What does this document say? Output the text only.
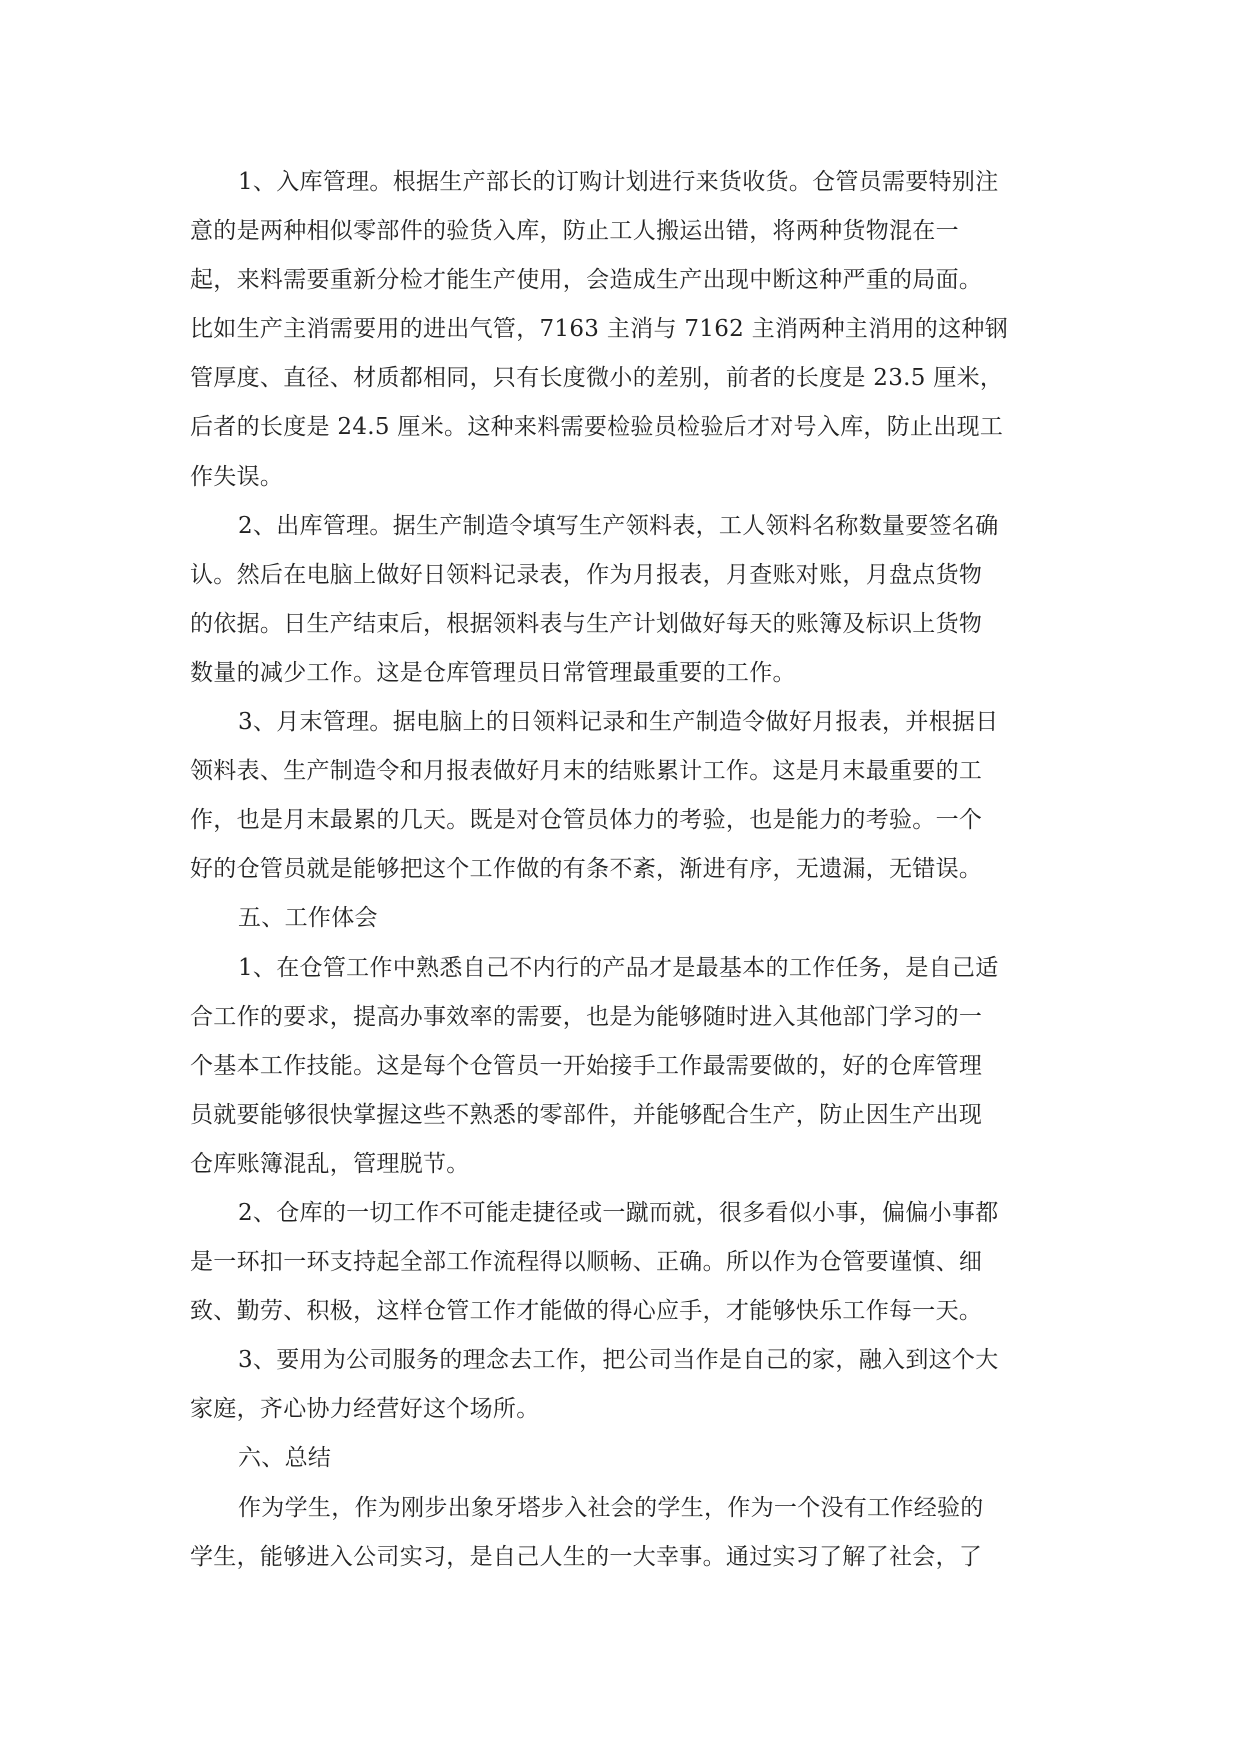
1、入库管理。根据生产部长的订购计划进行来货收货。仓管员需要特别注
意的是两种相似零部件的验货入库，防止工人搬运出错，将两种货物混在一
起，来料需要重新分检才能生产使用，会造成生产出现中断这种严重的局面。
比如生产主消需要用的进出气管，7163 主消与 7162 主消两种主消用的这种钢
管厚度、直径、材质都相同，只有长度微小的差别，前者的长度是 23.5 厘米，
后者的长度是 24.5 厘米。这种来料需要检验员检验后才对号入库，防止出现工
作失误。

2、出库管理。据生产制造令填写生产领料表，工人领料名称数量要签名确
认。然后在电脑上做好日领料记录表，作为月报表，月查账对账，月盘点货物
的依据。日生产结束后，根据领料表与生产计划做好每天的账簿及标识上货物
数量的减少工作。这是仓库管理员日常管理最重要的工作。

3、月末管理。据电脑上的日领料记录和生产制造令做好月报表，并根据日
领料表、生产制造令和月报表做好月末的结账累计工作。这是月末最重要的工
作，也是月末最累的几天。既是对仓管员体力的考验，也是能力的考验。一个
好的仓管员就是能够把这个工作做的有条不紊，渐进有序，无遗漏，无错误。

五、工作体会

1、在仓管工作中熟悉自己不内行的产品才是最基本的工作任务，是自己适
合工作的要求，提高办事效率的需要，也是为能够随时进入其他部门学习的一
个基本工作技能。这是每个仓管员一开始接手工作最需要做的，好的仓库管理
员就要能够很快掌握这些不熟悉的零部件，并能够配合生产，防止因生产出现
仓库账簿混乱，管理脱节。

2、仓库的一切工作不可能走捷径或一蹴而就，很多看似小事，偏偏小事都
是一环扣一环支持起全部工作流程得以顺畅、正确。所以作为仓管要谨慎、细
致、勤劳、积极，这样仓管工作才能做的得心应手，才能够快乐工作每一天。

3、要用为公司服务的理念去工作，把公司当作是自己的家，融入到这个大
家庭，齐心协力经营好这个场所。

六、总结

作为学生，作为刚步出象牙塔步入社会的学生，作为一个没有工作经验的
学生，能够进入公司实习，是自己人生的一大幸事。通过实习了解了社会，了
